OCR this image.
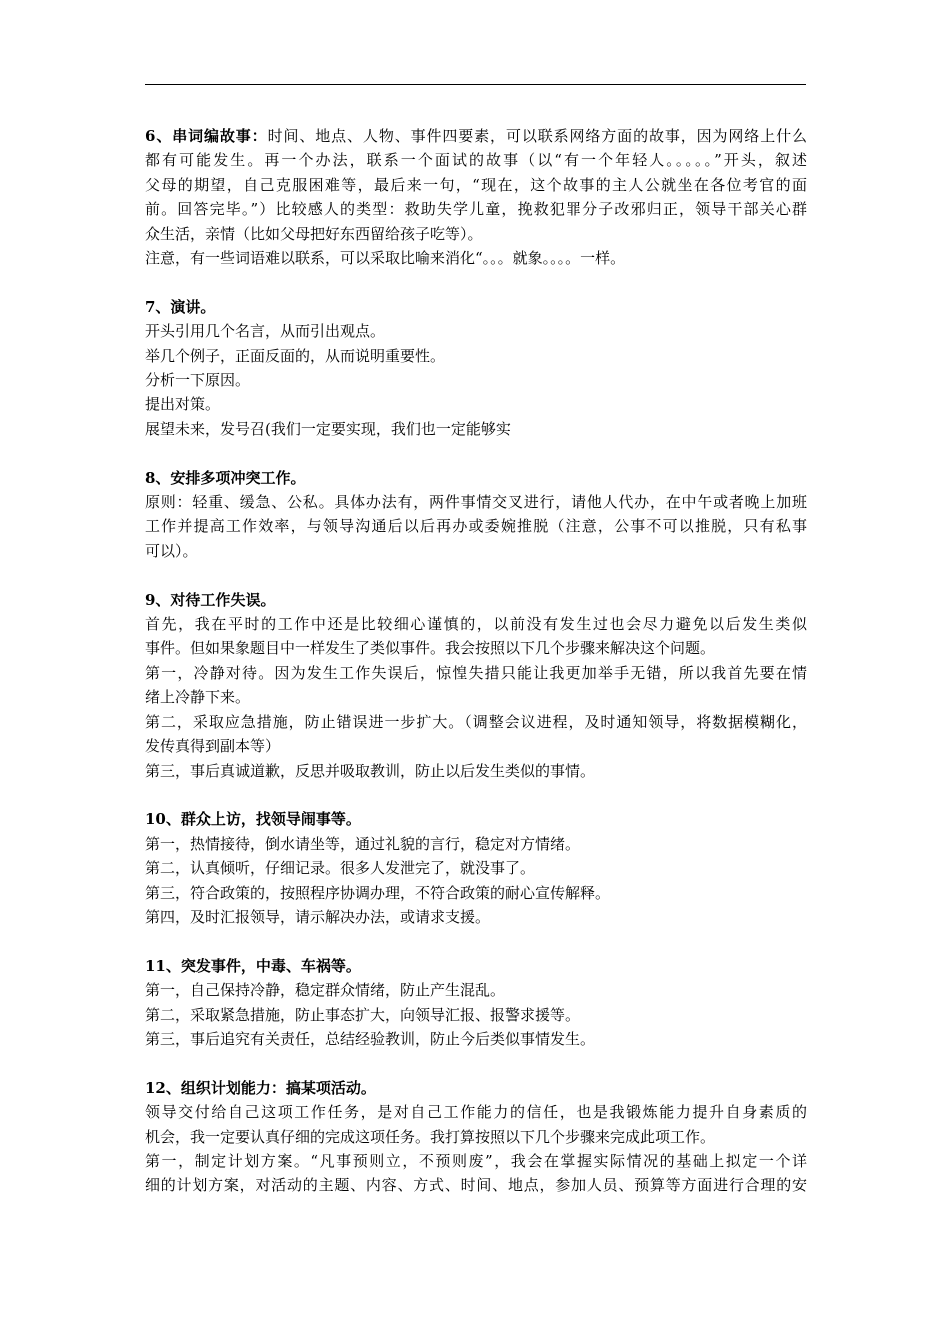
6、串词编故事：时间、地点、人物、事件四要素，可以联系网络方面的故事，因为网络上什么
都有可能发生。再一个办法，联系一个面试的故事（以“有一个年轻人。。。。。”开头，叙述
父母的期望，自己克服困难等，最后来一句，“现在，这个故事的主人公就坐在各位考官的面
前。回答完毕。”）比较感人的类型：救助失学儿童，挽救犯罪分子改邪归正，领导干部关心群
众生活，亲情（比如父母把好东西留给孩子吃等）。
注意，有一些词语难以联系，可以采取比喻来消化“。。。就象。。。。一样。
7、演讲。
开头引用几个名言，从而引出观点。
举几个例子，正面反面的，从而说明重要性。
分析一下原因。
提出对策。
展望未来，发号召(我们一定要实现，我们也一定能够实
8、安排多项冲突工作。
原则：轻重、缓急、公私。具体办法有，两件事情交叉进行，请他人代办，在中午或者晚上加班
工作并提高工作效率，与领导沟通后以后再办或委婉推脱（注意，公事不可以推脱，只有私事
可以）。
9、对待工作失误。
首先，我在平时的工作中还是比较细心谨慎的，以前没有发生过也会尽力避免以后发生类似
事件。但如果象题目中一样发生了类似事件。我会按照以下几个步骤来解决这个问题。
第一，冷静对待。因为发生工作失误后，惊惶失措只能让我更加举手无错，所以我首先要在情
绪上冷静下来。
第二，采取应急措施，防止错误进一步扩大。（调整会议进程，及时通知领导，将数据模糊化，
发传真得到副本等）
第三，事后真诚道歉，反思并吸取教训，防止以后发生类似的事情。
10、群众上访，找领导闹事等。
第一，热情接待，倒水请坐等，通过礼貌的言行，稳定对方情绪。
第二，认真倾听，仔细记录。很多人发泄完了，就没事了。
第三，符合政策的，按照程序协调办理，不符合政策的耐心宣传解释。
第四，及时汇报领导，请示解决办法，或请求支援。
11、突发事件，中毒、车祸等。
第一，自己保持冷静，稳定群众情绪，防止产生混乱。
第二，采取紧急措施，防止事态扩大，向领导汇报、报警求援等。
第三，事后追究有关责任，总结经验教训，防止今后类似事情发生。
12、组织计划能力：搞某项活动。
领导交付给自己这项工作任务，是对自己工作能力的信任，也是我锻炼能力提升自身素质的
机会，我一定要认真仔细的完成这项任务。我打算按照以下几个步骤来完成此项工作。
第一，制定计划方案。“凡事预则立，不预则废”，我会在掌握实际情况的基础上拟定一个详
细的计划方案，对活动的主题、内容、方式、时间、地点，参加人员、预算等方面进行合理的安
